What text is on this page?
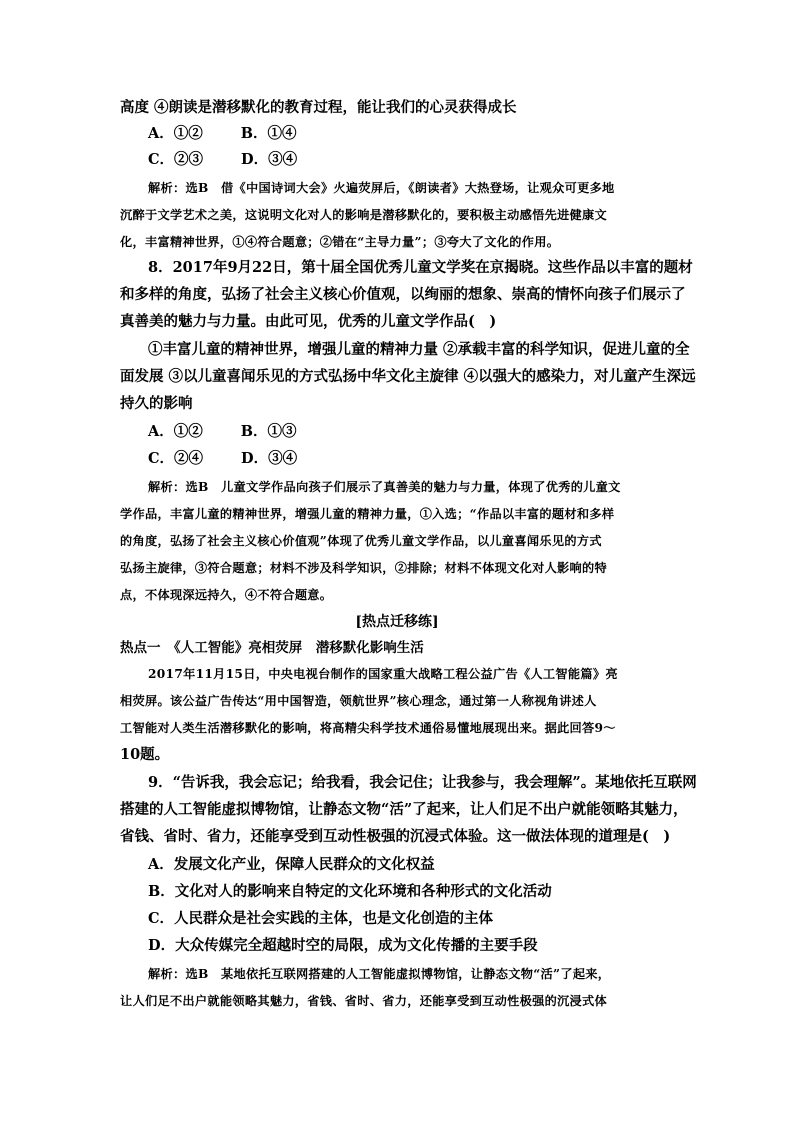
高度 ④朗读是潜移默化的教育过程，能让我们的心灵获得成长
A．①②	B．①④
C．②③	D．③④
解析：选B　借《中国诗词大会》火遍荧屏后，《朗读者》大热登场，让观众可更多地
沉醉于文学艺术之美，这说明文化对人的影响是潜移默化的，要积极主动感悟先进健康文
化，丰富精神世界，①④符合题意；②错在“主导力量”；③夸大了文化的作用。
8．2017年9月22日，第十届全国优秀儿童文学奖在京揭晓。这些作品以丰富的题材
和多样的角度，弘扬了社会主义核心价值观，以绚丽的想象、崇高的情怀向孩子们展示了
真善美的魅力与力量。由此可见，优秀的儿童文学作品(　)
①丰富儿童的精神世界，增强儿童的精神力量 ②承载丰富的科学知识，促进儿童的全
面发展 ③以儿童喜闻乐见的方式弘扬中华文化主旋律 ④以强大的感染力，对儿童产生深远
持久的影响
A．①②	B．①③
C．②④	D．③④
解析：选B　儿童文学作品向孩子们展示了真善美的魅力与力量，体现了优秀的儿童文
学作品，丰富儿童的精神世界，增强儿童的精神力量，①入选；“作品以丰富的题材和多样
的角度，弘扬了社会主义核心价值观”体现了优秀儿童文学作品，以儿童喜闻乐见的方式
弘扬主旋律，③符合题意；材料不涉及科学知识，②排除；材料不体现文化对人影响的特
点，不体现深远持久，④不符合题意。
[热点迁移练]
热点一　《人工智能》亮相荧屏　潜移默化影响生活
2017年11月15日，中央电视台制作的国家重大战略工程公益广告《人工智能篇》亮
相荧屏。该公益广告传达“用中国智造，领航世界”核心理念，通过第一人称视角讲述人
工智能对人类生活潜移默化的影响，将高精尖科学技术通俗易懂地展现出来。据此回答9～
10题。
9．“告诉我，我会忘记；给我看，我会记住；让我参与，我会理解”。某地依托互联网
搭建的人工智能虚拟博物馆，让静态文物“活”了起来，让人们足不出户就能领略其魅力，
省钱、省时、省力，还能享受到互动性极强的沉浸式体验。这一做法体现的道理是(　)
A．发展文化产业，保障人民群众的文化权益
B．文化对人的影响来自特定的文化环境和各种形式的文化活动
C．人民群众是社会实践的主体，也是文化创造的主体
D．大众传媒完全超越时空的局限，成为文化传播的主要手段
解析：选B　某地依托互联网搭建的人工智能虚拟博物馆，让静态文物“活”了起来，
让人们足不出户就能领略其魅力，省钱、省时、省力，还能享受到互动性极强的沉浸式体
